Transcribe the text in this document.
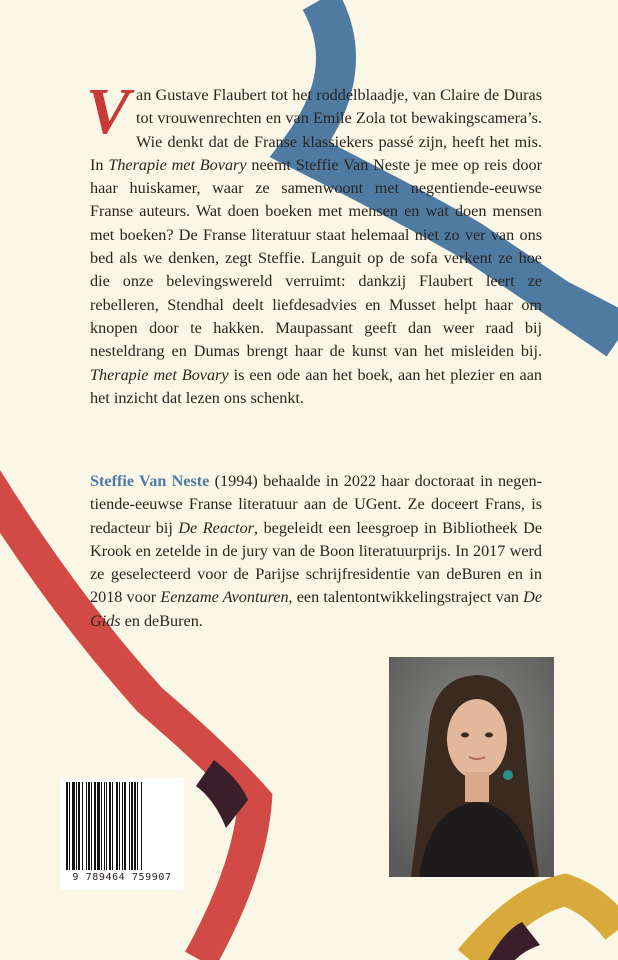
Van Gustave Flaubert tot het roddelblaadje, van Claire de Duras tot vrouwenrechten en van Emile Zola tot bewakingscamera’s. Wie denkt dat de Franse klassiekers passé zijn, heeft het mis. In Therapie met Bovary neemt Steffie Van Neste je mee op reis door haar huiskamer, waar ze samenwoont met negentiende-eeuwse Franse auteurs. Wat doen boeken met mensen en wat doen mensen met boeken? De Franse literatuur staat helemaal niet zo ver van ons bed als we denken, zegt Steffie. Languit op de sofa verkent ze hoe die onze belevingswereld verruimt: dankzij Flaubert leert ze rebelleren, Stendhal deelt liefdesadvies en Musset helpt haar om knopen door te hakken. Maupassant geeft dan weer raad bij nesteldrang en Dumas brengt haar de kunst van het misleiden bij. Therapie met Bovary is een ode aan het boek, aan het plezier en aan het inzicht dat lezen ons schenkt.

Steffie Van Neste (1994) behaalde in 2022 haar doctoraat in negentiende-eeuwse Franse literatuur aan de UGent. Ze doceert Frans, is redacteur bij De Reactor, begeleidt een leesgroep in Bibliotheek De Krook en zetelde in de jury van de Boon literatuurprijs. In 2017 werd ze geselecteerd voor de Parijse schrijfresidentie van deBuren en in 2018 voor Eenzame Avonturen, een talentontwikkelingstraject van De Gids en deBuren.

9 789464 759907
